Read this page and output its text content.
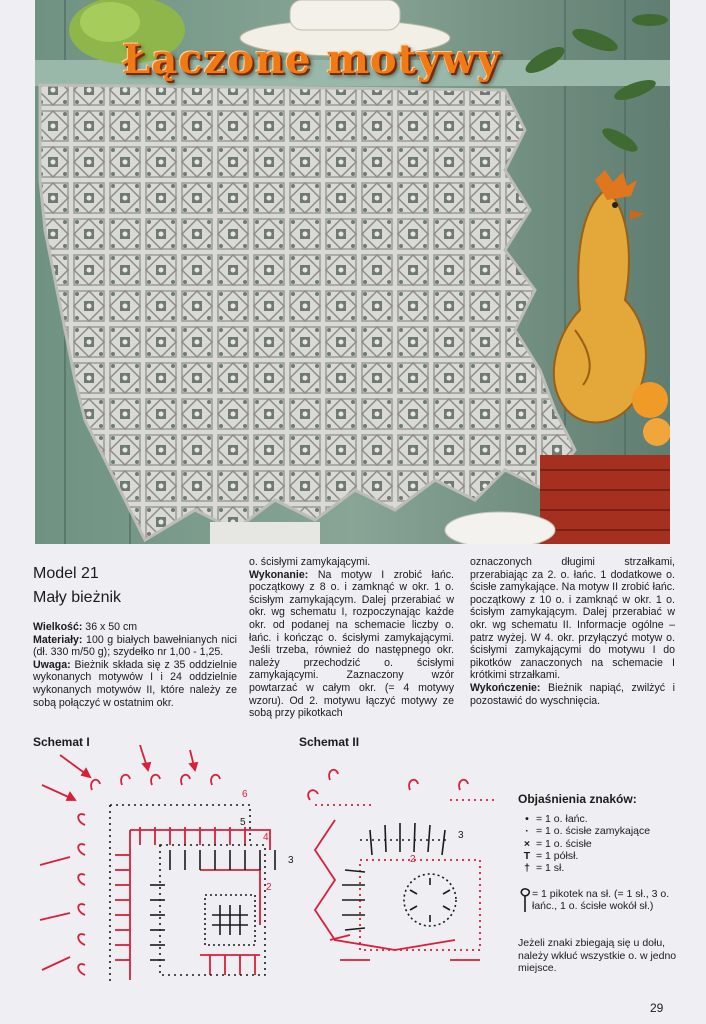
Łączone motywy
Model 21
Mały bieżnik

Wielkość: 36 x 50 cm

Materiały: 100 g białych bawełnianych nici (dł. 330 m/50 g); szydełko nr 1,00 - 1,25.

Uwaga: Bieżnik składa się z 35 oddzielnie wykonanych motywów I i 24 oddzielnie wykonanych motywów II, które należy ze sobą połączyć w ostatnim okr.

o. ścisłymi zamykającymi.

Wykonanie: Na motyw I zrobić łańc. początkowy z 8 o. i zamknąć w okr. 1 o. ścisłym zamykającym. Dalej przerabiać w okr. wg schematu I, rozpoczynając każde okr. od podanej na schemacie liczby o. łańc. i kończąc o. ścisłymi zamykającymi. Jeśli trzeba, również do następnego okr. należy przechodzić o. ścisłymi zamykającymi. Zaznaczony wzór powtarzać w całym okr. (= 4 motywy wzoru). Od 2. motywu łączyć motywy ze sobą przy pikotkach

oznaczonych długimi strzałkami, przerabiając za 2. o. łańc. 1 dodatkowe o. ścisłe zamykające. Na motyw II zrobić łańc. początkowy z 10 o. i zamknąć w okr. 1 o. ścisłym zamykającym. Dalej przerabiać w okr. wg schematu II. Informacje ogólne – patrz wyżej. W 4. okr. przyłączyć motyw o. ścisłymi zamykającymi do motywu I do pikotków zanaczonych na schemacie I krótkimi strzałkami.

Wykończenie: Bieżnik napiąć, zwilżyć i pozostawić do wyschnięcia.

Schemat I	Schemat II
5
3
4
6
2
3
2
Objaśnienia znaków:
• = 1 o. łańc.
· = 1 o. ścisłe zamykające
× = 1 o. ścisłe
T = 1 półsł.
† = 1 sł.
= 1 pikotek na sł. (= 1 sł., 3 o. łańc., 1 o. ścisłe wokół sł.)
Jeżeli znaki zbiegają się u dołu, należy wkłuć wszystkie o. w jedno miejsce.
29
